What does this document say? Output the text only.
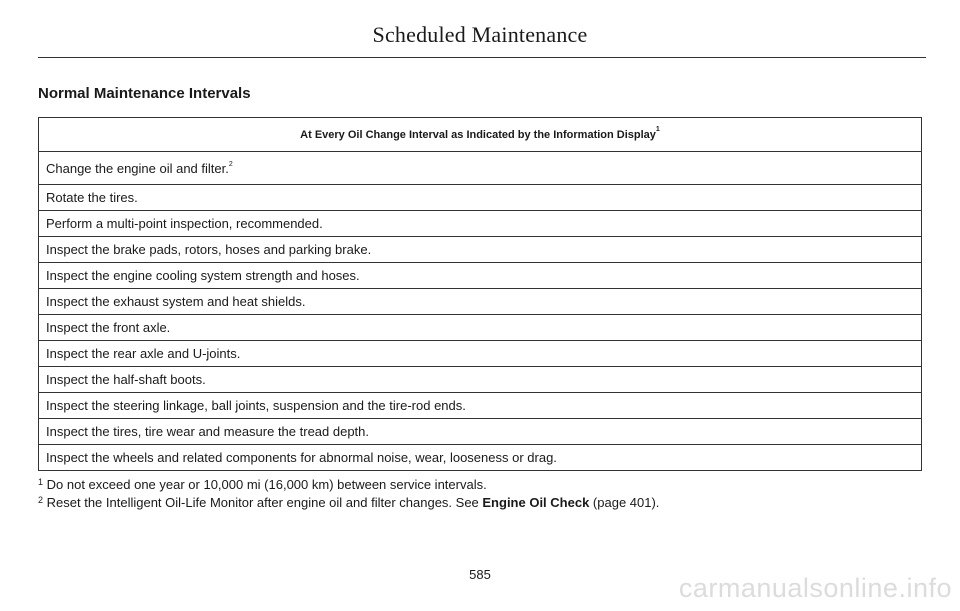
Scheduled Maintenance
Normal Maintenance Intervals
At Every Oil Change Interval as Indicated by the Information Display$^1$
Change the engine oil and filter.$^2$
Rotate the tires.
Perform a multi-point inspection, recommended.
Inspect the brake pads, rotors, hoses and parking brake.
Inspect the engine cooling system strength and hoses.
Inspect the exhaust system and heat shields.
Inspect the front axle.
Inspect the rear axle and U-joints.
Inspect the half-shaft boots.
Inspect the steering linkage, ball joints, suspension and the tire-rod ends.
Inspect the tires, tire wear and measure the tread depth.
Inspect the wheels and related components for abnormal noise, wear, looseness or drag.
$^1$ Do not exceed one year or 10,000 mi (16,000 km) between service intervals.
$^2$ Reset the Intelligent Oil-Life Monitor after engine oil and filter changes. See Engine Oil Check (page 401).
585	carmanualsonline.info
